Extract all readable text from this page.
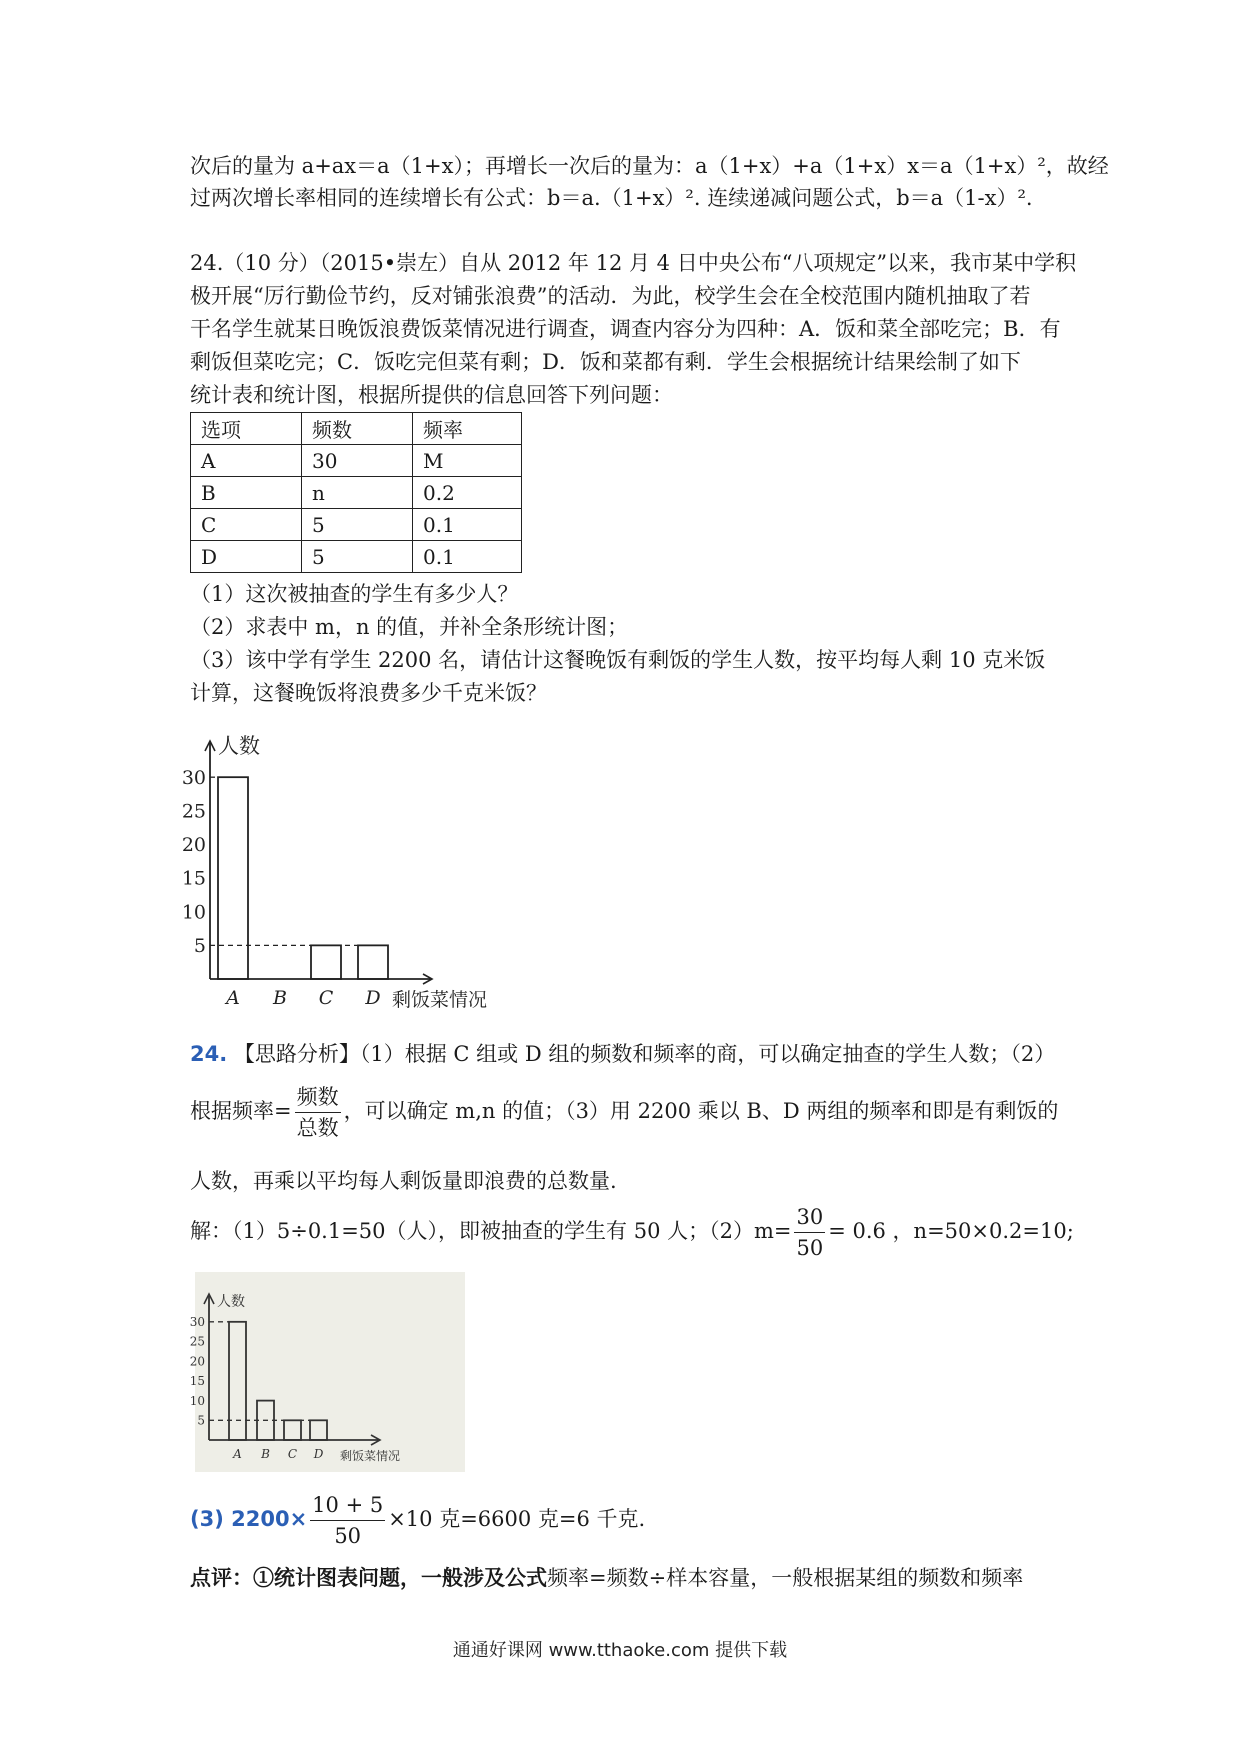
次后的量为 a+ax＝a（1+x）；再增长一次后的量为：a（1+x）+a（1+x）x＝a（1+x）²，故经
过两次增长率相同的连续增长有公式：b＝a.（1+x）². 连续递减问题公式，b＝a（1-x）².
24.（10 分）（2015•崇左）自从 2012 年 12 月 4 日中央公布“八项规定”以来，我市某中学积
极开展“厉行勤俭节约，反对铺张浪费”的活动．为此，校学生会在全校范围内随机抽取了若
干名学生就某日晚饭浪费饭菜情况进行调查，调查内容分为四种：A．饭和菜全部吃完；B．有
剩饭但菜吃完；C．饭吃完但菜有剩；D．饭和菜都有剩．学生会根据统计结果绘制了如下
统计表和统计图，根据所提供的信息回答下列问题：
选项	频数	频率
A	30	M
B	n	0.2
C	5	0.1
D	5	0.1
（1）这次被抽查的学生有多少人？
（2）求表中 m，n 的值，并补全条形统计图；
（3）该中学有学生 2200 名，请估计这餐晚饭有剩饭的学生人数，按平均每人剩 10 克米饭
计算，这餐晚饭将浪费多少千克米饭？
人数
剩饭菜情况
5
10
15
20
25
30
A B C D
24. 【思路分析】（1）根据 C 组或 D 组的频数和频率的商，可以确定抽查的学生人数；（2）
根据频率= $\frac{\text{频数}}{\text{总数}}$ ，可以确定 m,n 的值；（3）用 2200 乘以 B、D 两组的频率和即是有剩饭的
人数，再乘以平均每人剩饭量即浪费的总数量.
解：（1）5÷0.1=50（人），即被抽查的学生有 50 人；$(2)m= \frac{30}{50} = 0.6$ ，n=50×0.2=10;
人数
剩饭菜情况
5
10
15
20
25
30
A B C D
(3) $2200\times \frac{10 + 5}{50} \times 10$ 克=6600 克=6 千克.
点评：①统计图表问题，一般涉及公式频率=频数÷样本容量，一般根据某组的频数和频率
通通好课网 www.tthaoke.com 提供下载
